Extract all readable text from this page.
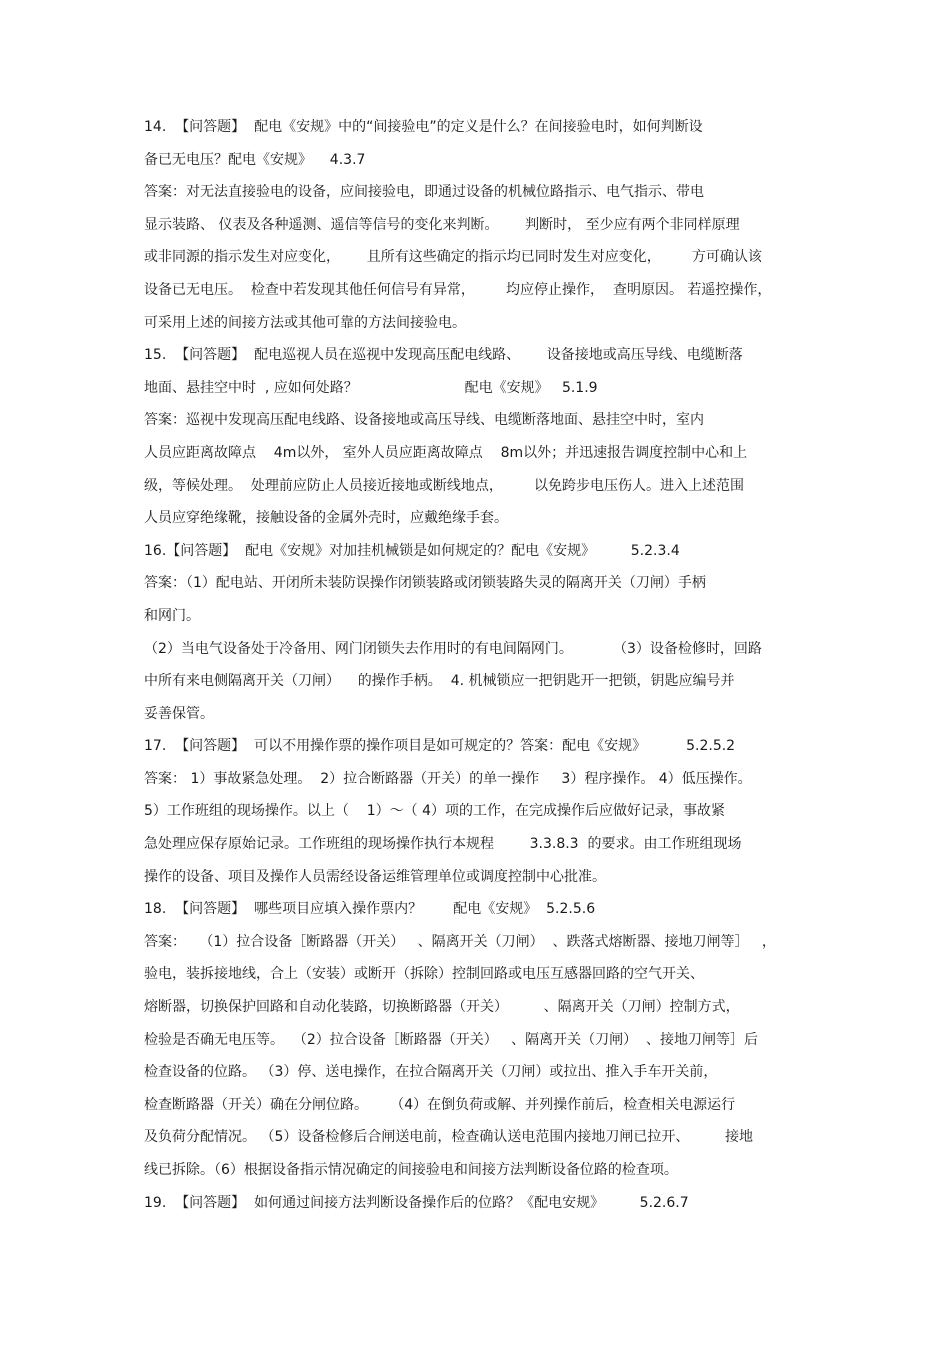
14.  【问答题】  配电《安规》中的“间接验电”的定义是什么？在间接验电时，如何判断设
备已无电压？配电《安规》    4.3.7
答案：对无法直接验电的设备，应间接验电，即通过设备的机械位路指示、电气指示、带电
显示装路、 仪表及各种遥测、遥信等信号的变化来判断。      判断时， 至少应有两个非同样原理
或非同源的指示发生对应变化，      且所有这些确定的指示均已同时发生对应变化，       方可确认该
设备已无电压。  检查中若发现其他任何信号有异常，       均应停止操作，  查明原因。 若遥控操作，
可采用上述的间接方法或其他可靠的方法间接验电。
15.  【问答题】  配电巡视人员在巡视中发现高压配电线路、      设备接地或高压导线、电缆断落
地面、悬挂空中时  , 应如何处路？                        配电《安规》   5.1.9
答案：巡视中发现高压配电线路、设备接地或高压导线、电缆断落地面、悬挂空中时，室内
人员应距离故障点    4m以外， 室外人员应距离故障点    8m以外；并迅速报告调度控制中心和上
级，等候处理。  处理前应防止人员接近接地或断线地点，       以免跨步电压伤人。进入上述范围
人员应穿绝缘靴，接触设备的金属外壳时，应戴绝缘手套。
16.【问答题】  配电《安规》对加挂机械锁是如何规定的？配电《安规》        5.2.3.4
答案：（1）配电站、开闭所未装防误操作闭锁装路或闭锁装路失灵的隔离开关（刀闸）手柄
和网门。
（2）当电气设备处于冷备用、网门闭锁失去作用时的有电间隔网门。         （3）设备检修时，回路
中所有来电侧隔离开关（刀闸）    的操作手柄。  4. 机械锁应一把钥匙开一把锁，钥匙应编号并
妥善保管。
17.  【问答题】  可以不用操作票的操作项目是如可规定的？答案：配电《安规》         5.2.5.2
答案： 1）事故紧急处理。  2）拉合断路器（开关）的单一操作     3）程序操作。 4）低压操作。
5）工作班组的现场操作。以上（    1）～（ 4）项的工作，在完成操作后应做好记录，事故紧
急处理应保存原始记录。工作班组的现场操作执行本规程        3.3.8.3  的要求。由工作班组现场
操作的设备、项目及操作人员需经设备运维管理单位或调度控制中心批准。
18.  【问答题】  哪些项目应填入操作票内？       配电《安规》  5.2.5.6
答案：   （1）拉合设备［断路器（开关）   、隔离开关（刀闸）  、跌落式熔断器、接地刀闸等］   ，
验电，装拆接地线，合上（安装）或断开（拆除）控制回路或电压互感器回路的空气开关、
熔断器，切换保护回路和自动化装路，切换断路器（开关）        、隔离开关（刀闸）控制方式，
检验是否确无电压等。  （2）拉合设备［断路器（开关）   、隔离开关（刀闸）  、接地刀闸等］后
检查设备的位路。 （3）停、送电操作，在拉合隔离开关（刀闸）或拉出、推入手车开关前，
检查断路器（开关）确在分闸位路。     （4）在倒负荷或解、并列操作前后，检查相关电源运行
及负荷分配情况。 （5）设备检修后合闸送电前，检查确认送电范围内接地刀闸已拉开、        接地
线已拆除。（6）根据设备指示情况确定的间接验电和间接方法判断设备位路的检查项。
19.  【问答题】  如何通过间接方法判断设备操作后的位路？《配电安规》        5.2.6.7
